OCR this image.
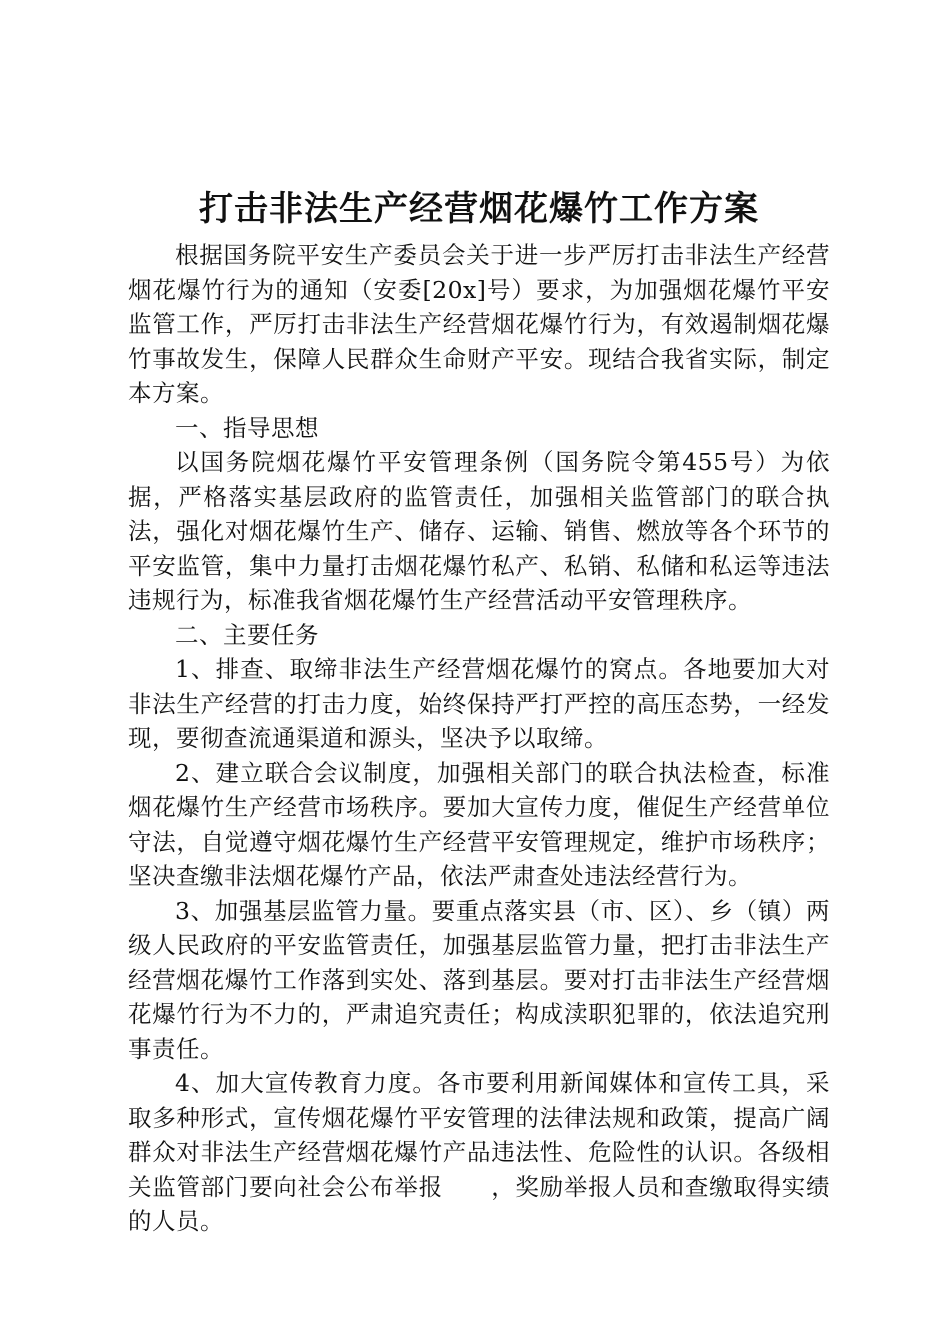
打击非法生产经营烟花爆竹工作方案

根据国务院平安生产委员会关于进一步严厉打击非法生产经营烟花爆竹行为的通知（安委[20x]号）要求，为加强烟花爆竹平安监管工作，严厉打击非法生产经营烟花爆竹行为，有效遏制烟花爆竹事故发生，保障人民群众生命财产平安。现结合我省实际，制定本方案。

一、指导思想

以国务院烟花爆竹平安管理条例（国务院令第455号）为依据，严格落实基层政府的监管责任，加强相关监管部门的联合执法，强化对烟花爆竹生产、储存、运输、销售、燃放等各个环节的平安监管，集中力量打击烟花爆竹私产、私销、私储和私运等违法违规行为，标准我省烟花爆竹生产经营活动平安管理秩序。

二、主要任务

1、排查、取缔非法生产经营烟花爆竹的窝点。各地要加大对非法生产经营的打击力度，始终保持严打严控的高压态势，一经发现，要彻查流通渠道和源头，坚决予以取缔。

2、建立联合会议制度，加强相关部门的联合执法检查，标准烟花爆竹生产经营市场秩序。要加大宣传力度，催促生产经营单位守法，自觉遵守烟花爆竹生产经营平安管理规定，维护市场秩序；坚决查缴非法烟花爆竹产品，依法严肃查处违法经营行为。

3、加强基层监管力量。要重点落实县（市、区）、乡（镇）两级人民政府的平安监管责任，加强基层监管力量，把打击非法生产经营烟花爆竹工作落到实处、落到基层。要对打击非法生产经营烟花爆竹行为不力的，严肃追究责任；构成渎职犯罪的，依法追究刑事责任。

4、加大宣传教育力度。各市要利用新闻媒体和宣传工具，采取多种形式，宣传烟花爆竹平安管理的法律法规和政策，提高广阔群众对非法生产经营烟花爆竹产品违法性、危险性的认识。各级相关监管部门要向社会公布举报　　，奖励举报人员和查缴取得实绩的人员。
